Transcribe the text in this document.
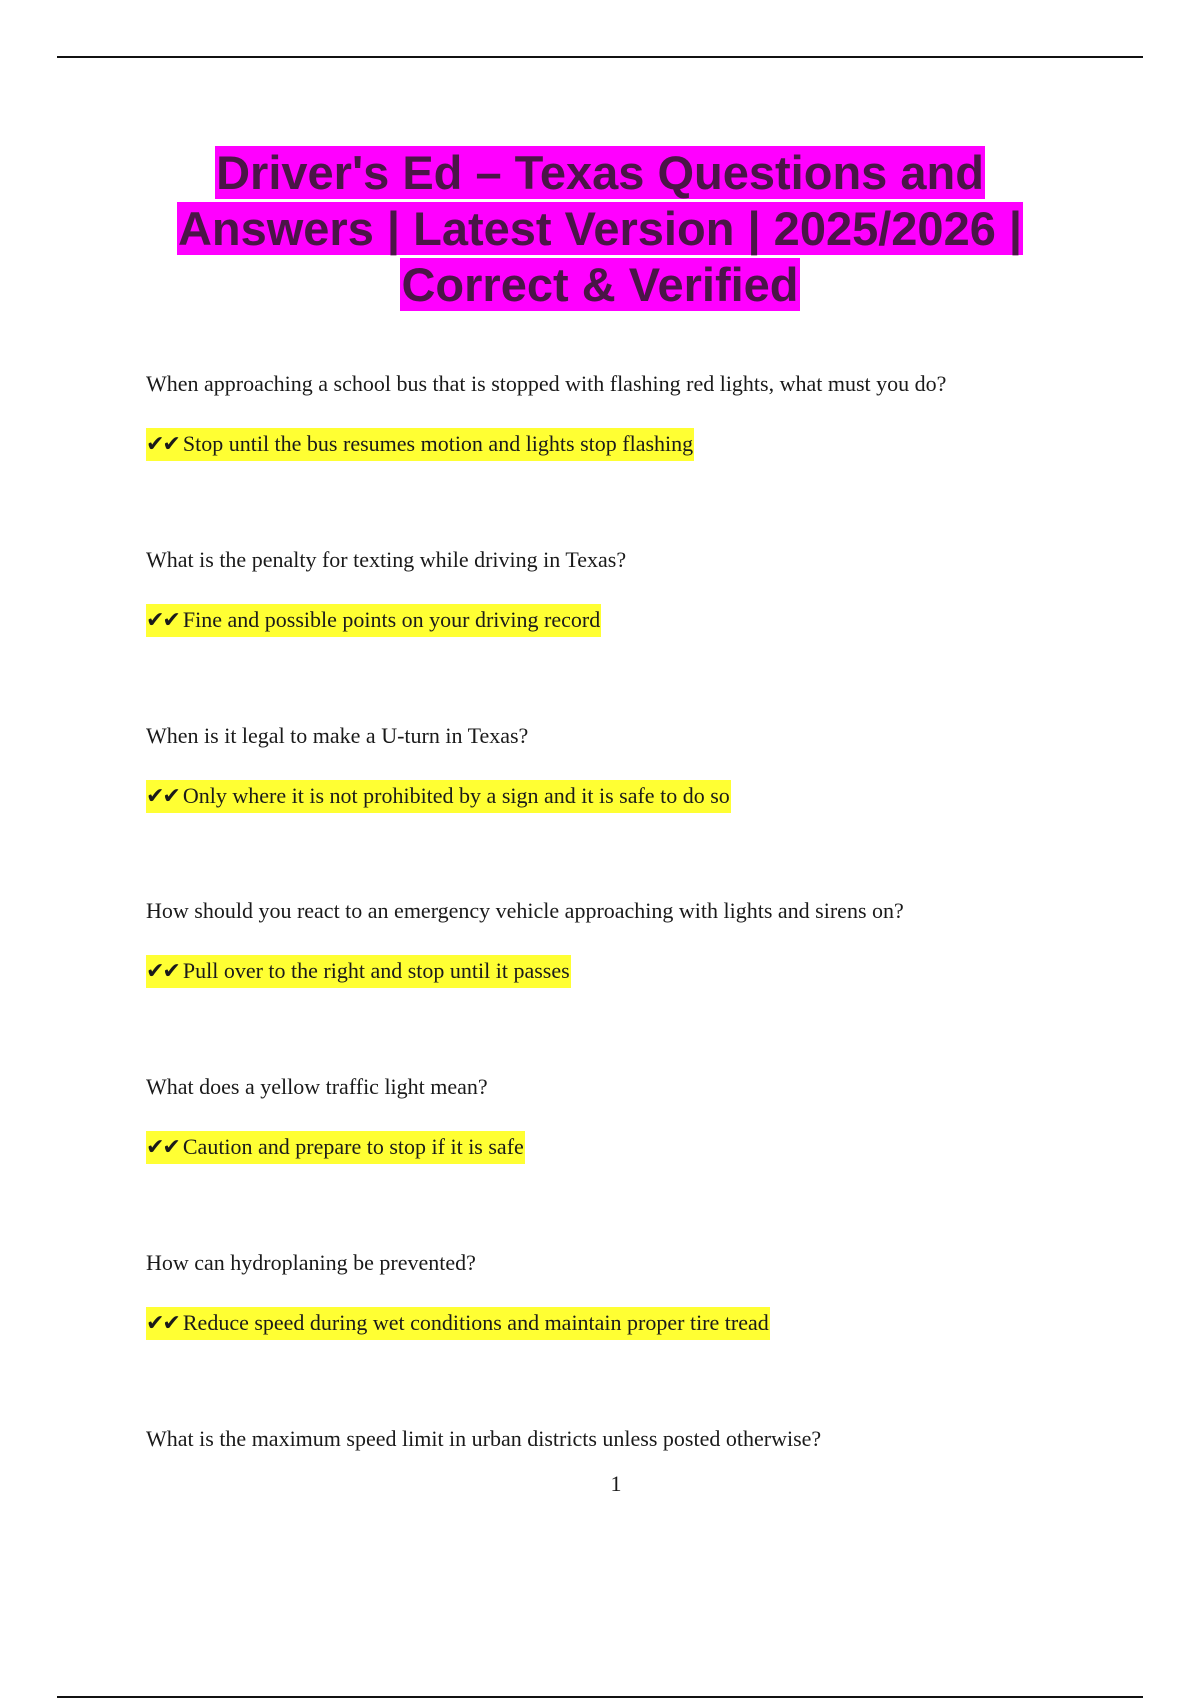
Driver's Ed – Texas Questions and
Answers | Latest Version | 2025/2026 |
Correct & Verified

When approaching a school bus that is stopped with flashing red lights, what must you do?

✔✔ Stop until the bus resumes motion and lights stop flashing

What is the penalty for texting while driving in Texas?

✔✔ Fine and possible points on your driving record

When is it legal to make a U-turn in Texas?

✔✔ Only where it is not prohibited by a sign and it is safe to do so

How should you react to an emergency vehicle approaching with lights and sirens on?

✔✔ Pull over to the right and stop until it passes

What does a yellow traffic light mean?

✔✔ Caution and prepare to stop if it is safe

How can hydroplaning be prevented?

✔✔ Reduce speed during wet conditions and maintain proper tire tread

What is the maximum speed limit in urban districts unless posted otherwise?

1
